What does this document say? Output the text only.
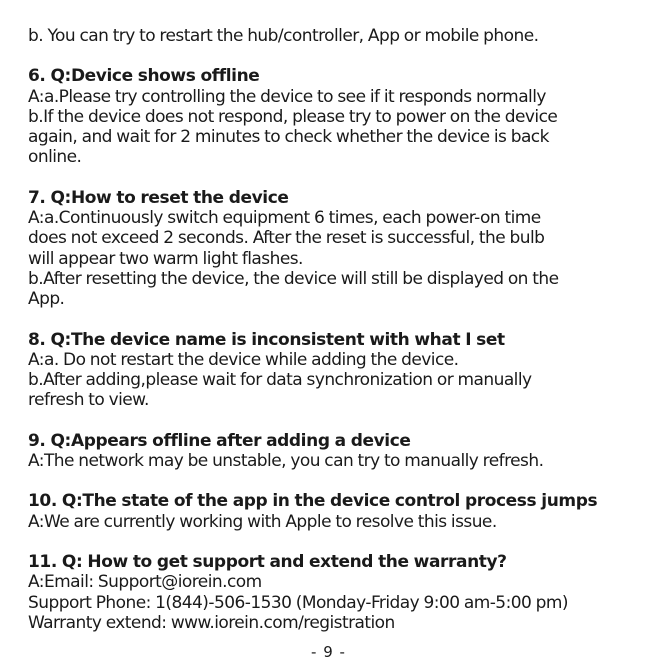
b. You can try to restart the hub/controller, App or mobile phone.
6. Q:Device shows offline
A:a.Please try controlling the device to see if it responds normally
b.If the device does not respond, please try to power on the device
again, and wait for 2 minutes to check whether the device is back
online.
7. Q:How to reset the device
A:a.Continuously switch equipment 6 times, each power-on time
does not exceed 2 seconds. After the reset is successful, the bulb
will appear two warm light flashes.
b.After resetting the device, the device will still be displayed on the
App.
8. Q:The device name is inconsistent with what I set
A:a. Do not restart the device while adding the device.
b.After adding,please wait for data synchronization or manually
refresh to view.
9. Q:Appears offline after adding a device
A:The network may be unstable, you can try to manually refresh.
10. Q:The state of the app in the device control process jumps
A:We are currently working with Apple to resolve this issue.
11. Q: How to get support and extend the warranty?
A:Email: Support@iorein.com
Support Phone: 1(844)-506-1530 (Monday-Friday 9:00 am-5:00 pm)
Warranty extend: www.iorein.com/registration
- 9 -
